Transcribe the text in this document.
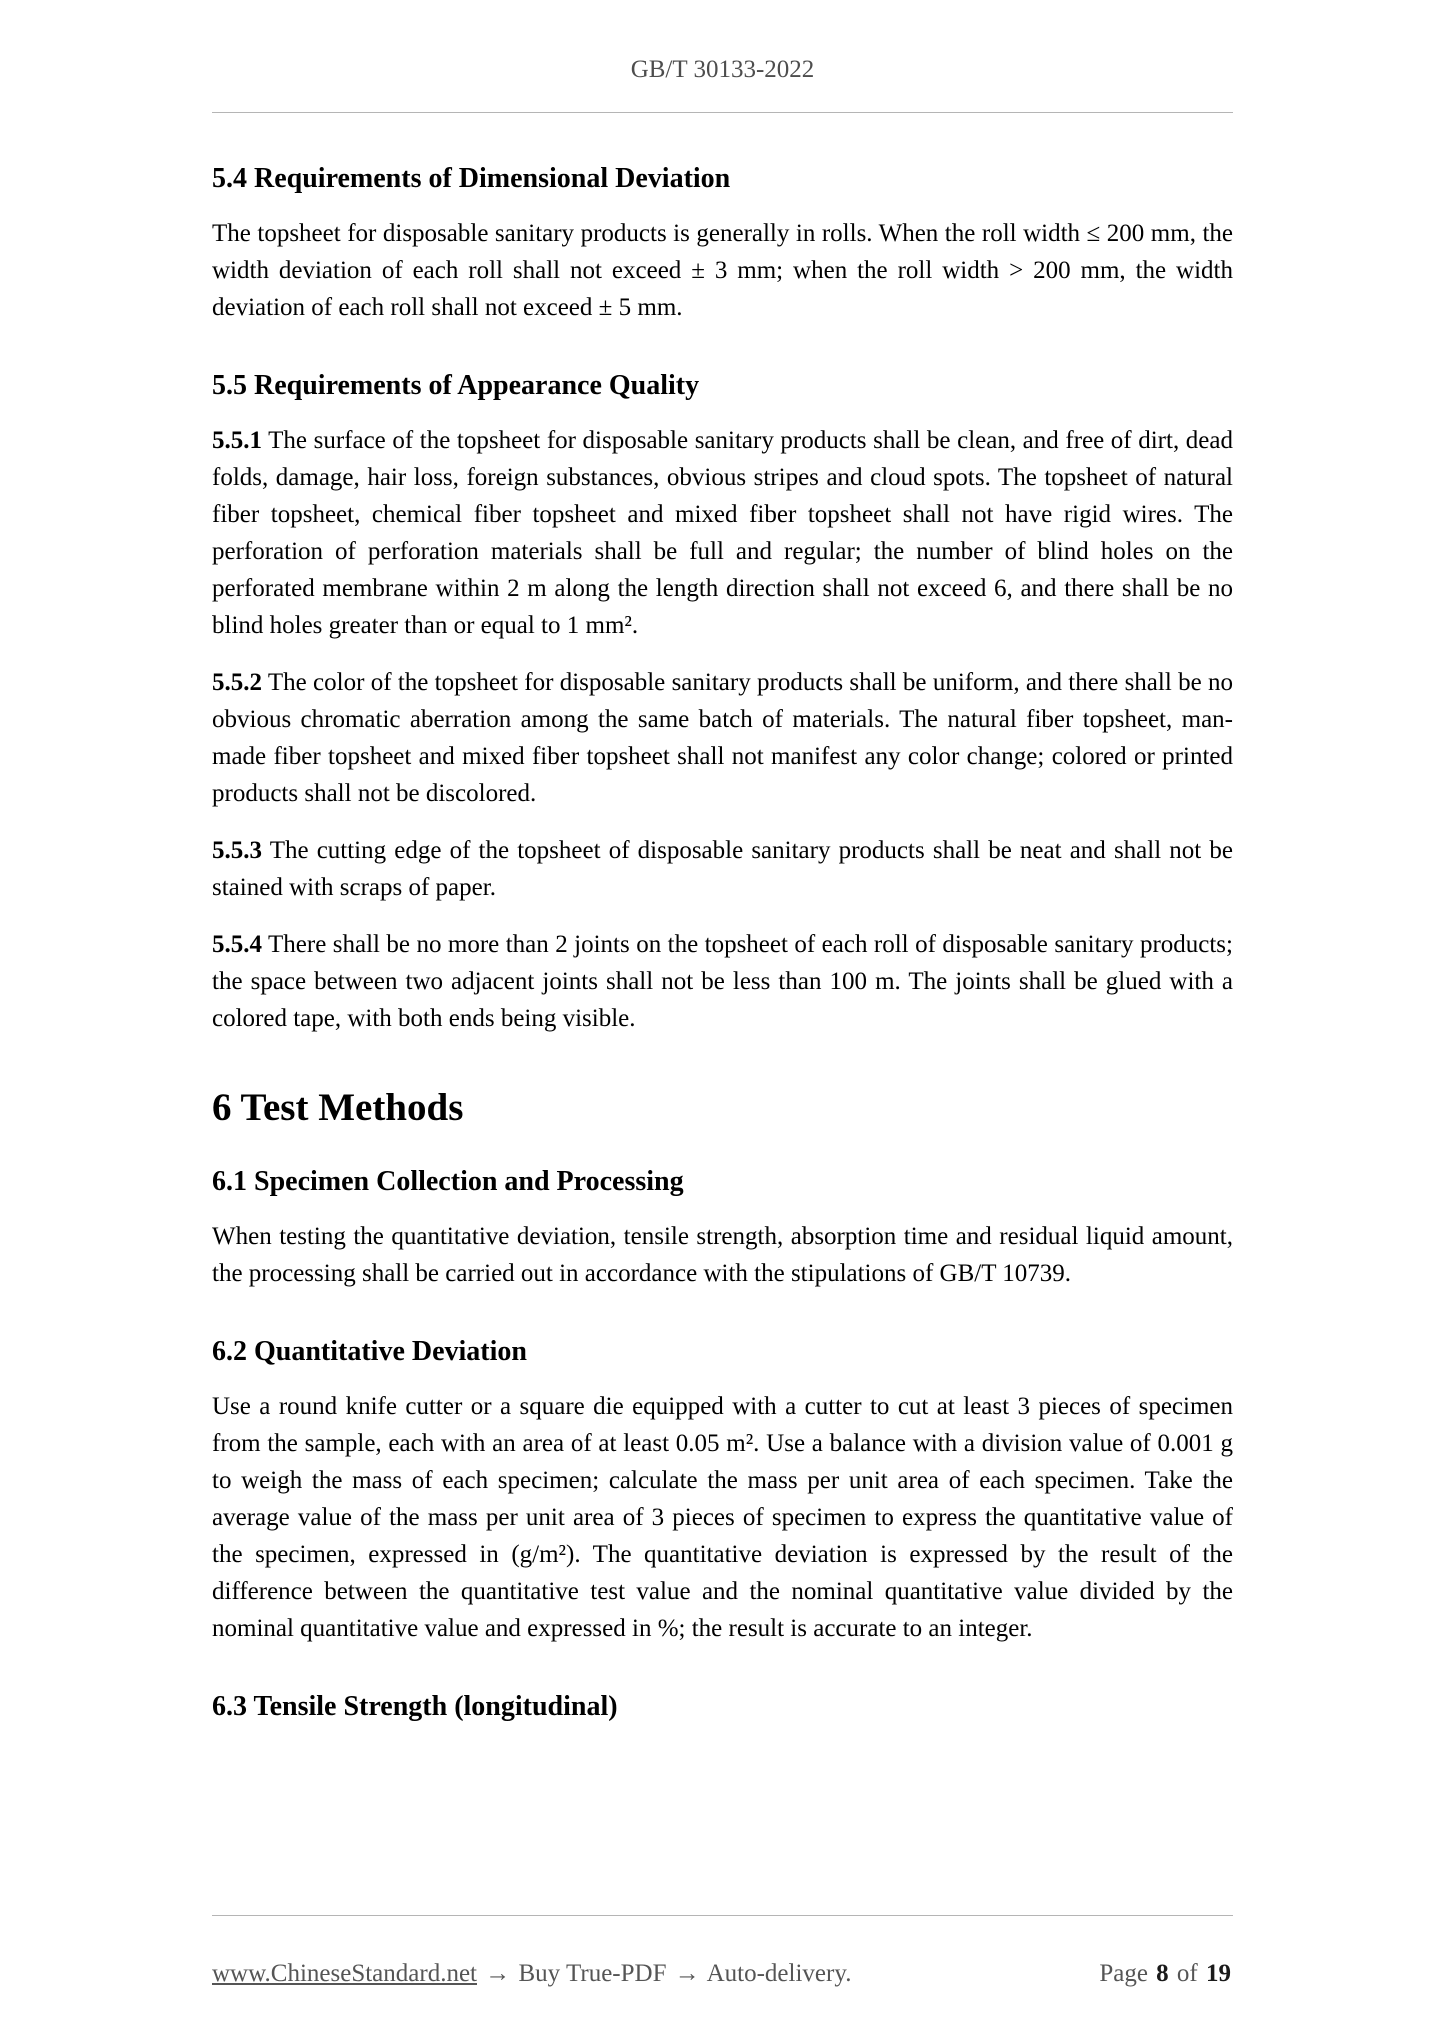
GB/T 30133-2022
5.4 Requirements of Dimensional Deviation

The topsheet for disposable sanitary products is generally in rolls. When the roll width ≤ 200 mm, the width deviation of each roll shall not exceed ± 3 mm; when the roll width > 200 mm, the width deviation of each roll shall not exceed ± 5 mm.

5.5 Requirements of Appearance Quality

5.5.1 The surface of the topsheet for disposable sanitary products shall be clean, and free of dirt, dead folds, damage, hair loss, foreign substances, obvious stripes and cloud spots. The topsheet of natural fiber topsheet, chemical fiber topsheet and mixed fiber topsheet shall not have rigid wires. The perforation of perforation materials shall be full and regular; the number of blind holes on the perforated membrane within 2 m along the length direction shall not exceed 6, and there shall be no blind holes greater than or equal to 1 mm².

5.5.2 The color of the topsheet for disposable sanitary products shall be uniform, and there shall be no obvious chromatic aberration among the same batch of materials. The natural fiber topsheet, man-made fiber topsheet and mixed fiber topsheet shall not manifest any color change; colored or printed products shall not be discolored.

5.5.3 The cutting edge of the topsheet of disposable sanitary products shall be neat and shall not be stained with scraps of paper.

5.5.4 There shall be no more than 2 joints on the topsheet of each roll of disposable sanitary products; the space between two adjacent joints shall not be less than 100 m. The joints shall be glued with a colored tape, with both ends being visible.

6 Test Methods
6.1 Specimen Collection and Processing

When testing the quantitative deviation, tensile strength, absorption time and residual liquid amount, the processing shall be carried out in accordance with the stipulations of GB/T 10739.

6.2 Quantitative Deviation

Use a round knife cutter or a square die equipped with a cutter to cut at least 3 pieces of specimen from the sample, each with an area of at least 0.05 m². Use a balance with a division value of 0.001 g to weigh the mass of each specimen; calculate the mass per unit area of each specimen. Take the average value of the mass per unit area of 3 pieces of specimen to express the quantitative value of the specimen, expressed in (g/m²). The quantitative deviation is expressed by the result of the difference between the quantitative test value and the nominal quantitative value divided by the nominal quantitative value and expressed in %; the result is accurate to an integer.

6.3 Tensile Strength (longitudinal)
www.ChineseStandard.net → Buy True-PDF → Auto-delivery.	Page 8 of 19
